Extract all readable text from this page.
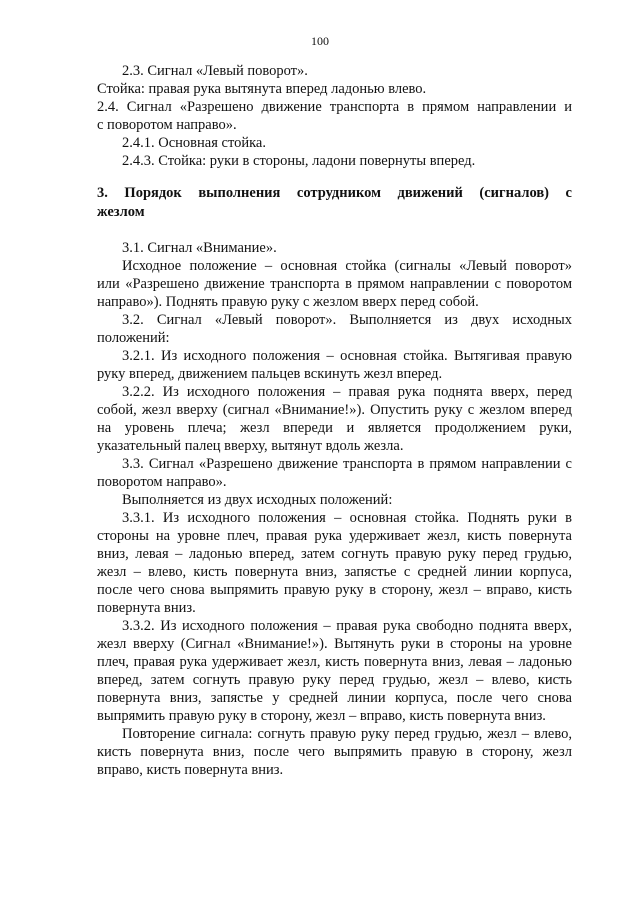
100
2.3. Сигнал «Левый поворот».
Стойка: правая рука вытянута вперед ладонью влево.
2.4. Сигнал «Разрешено движение транспорта в прямом направлении и
с поворотом направо».
2.4.1. Основная стойка.
2.4.3. Стойка: руки в стороны, ладони повернуты вперед.
3. Порядок выполнения сотрудником движений (сигналов) с
жезлом
3.1. Сигнал «Внимание».
Исходное положение – основная стойка (сигналы «Левый поворот»
или «Разрешено движение транспорта в прямом направлении с поворотом
направо»). Поднять правую руку с жезлом вверх перед собой.
3.2. Сигнал «Левый поворот». Выполняется из двух исходных
положений:
3.2.1. Из исходного положения – основная стойка. Вытягивая правую
руку вперед, движением пальцев вскинуть жезл вперед.
3.2.2. Из исходного положения – правая рука поднята вверх, перед
собой, жезл вверху (сигнал «Внимание!»). Опустить руку с жезлом вперед
на уровень плеча; жезл впереди и является продолжением руки,
указательный палец вверху, вытянут вдоль жезла.
3.3. Сигнал «Разрешено движение транспорта в прямом направлении с
поворотом направо».
Выполняется из двух исходных положений:
3.3.1. Из исходного положения – основная стойка. Поднять руки в
стороны на уровне плеч, правая рука удерживает жезл, кисть повернута
вниз, левая – ладонью вперед, затем согнуть правую руку перед грудью,
жезл – влево, кисть повернута вниз, запястье с средней линии корпуса,
после чего снова выпрямить правую руку в сторону, жезл – вправо, кисть
повернута вниз.
3.3.2. Из исходного положения – правая рука свободно поднята вверх,
жезл вверху (Сигнал «Внимание!»). Вытянуть руки в стороны на уровне
плеч, правая рука удерживает жезл, кисть повернута вниз, левая – ладонью
вперед, затем согнуть правую руку перед грудью, жезл – влево, кисть
повернута вниз, запястье у средней линии корпуса, после чего снова
выпрямить правую руку в сторону, жезл – вправо, кисть повернута вниз.
Повторение сигнала: согнуть правую руку перед грудью, жезл – влево,
кисть повернута вниз, после чего выпрямить правую в сторону, жезл
вправо, кисть повернута вниз.
